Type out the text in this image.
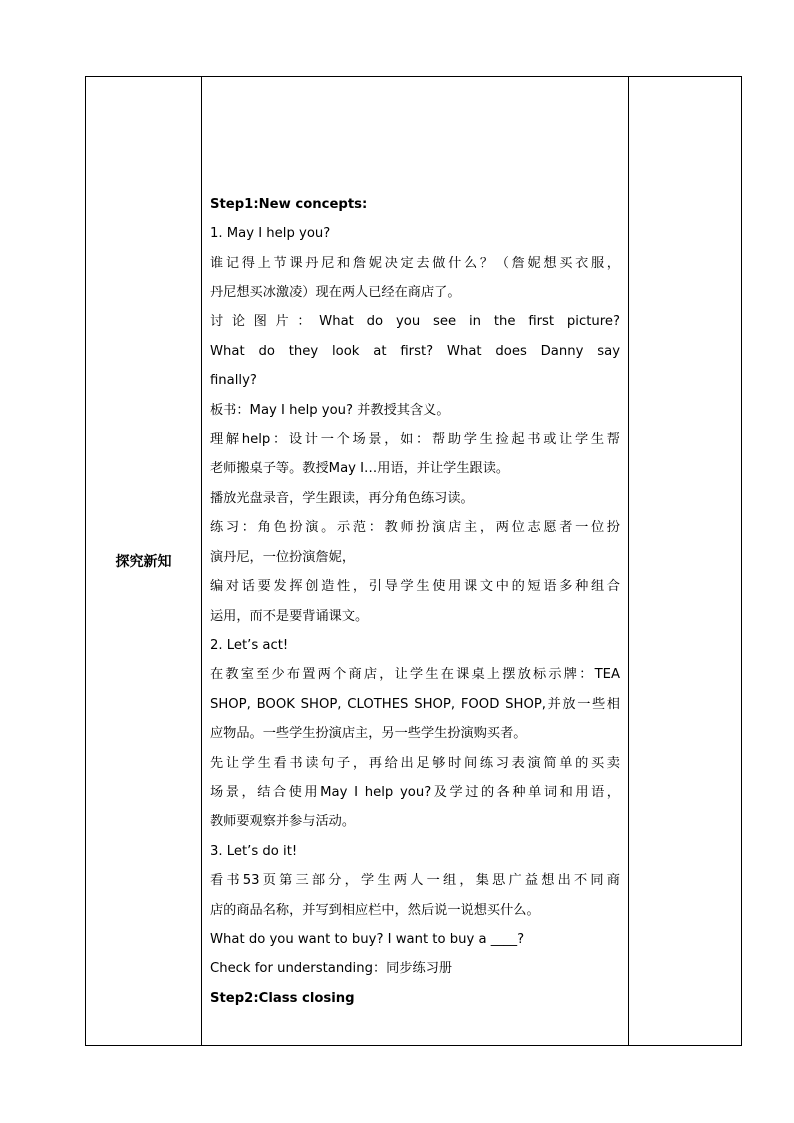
探究新知	

Step1:New concepts:

1. May I help you?

谁记得上节课丹尼和詹妮决定去做什么？（詹妮想买衣服，

丹尼想买冰激凌）现在两人已经在商店了。

讨论图片：What do you see in the first picture?

What do they look at first? What does Danny say

finally?

板书：May I help you? 并教授其含义。

理解help：设计一个场景，如：帮助学生捡起书或让学生帮

老师搬桌子等。教授May I…用语，并让学生跟读。

播放光盘录音，学生跟读，再分角色练习读。

练习：角色扮演。示范：教师扮演店主，两位志愿者一位扮

演丹尼，一位扮演詹妮，

编对话要发挥创造性，引导学生使用课文中的短语多种组合

运用，而不是要背诵课文。

2. Let’s act!

在教室至少布置两个商店，让学生在课桌上摆放标示牌：TEA

SHOP, BOOK SHOP, CLOTHES SHOP, FOOD SHOP,并放一些相

应物品。一些学生扮演店主，另一些学生扮演购买者。

先让学生看书读句子，再给出足够时间练习表演简单的买卖

场景，结合使用May I help you?及学过的各种单词和用语，

教师要观察并参与活动。

3. Let’s do it!

看书53页第三部分，学生两人一组，集思广益想出不同商

店的商品名称，并写到相应栏中，然后说一说想买什么。

What do you want to buy? I want to buy a ____?

Check for understanding：同步练习册

Step2:Class closing
